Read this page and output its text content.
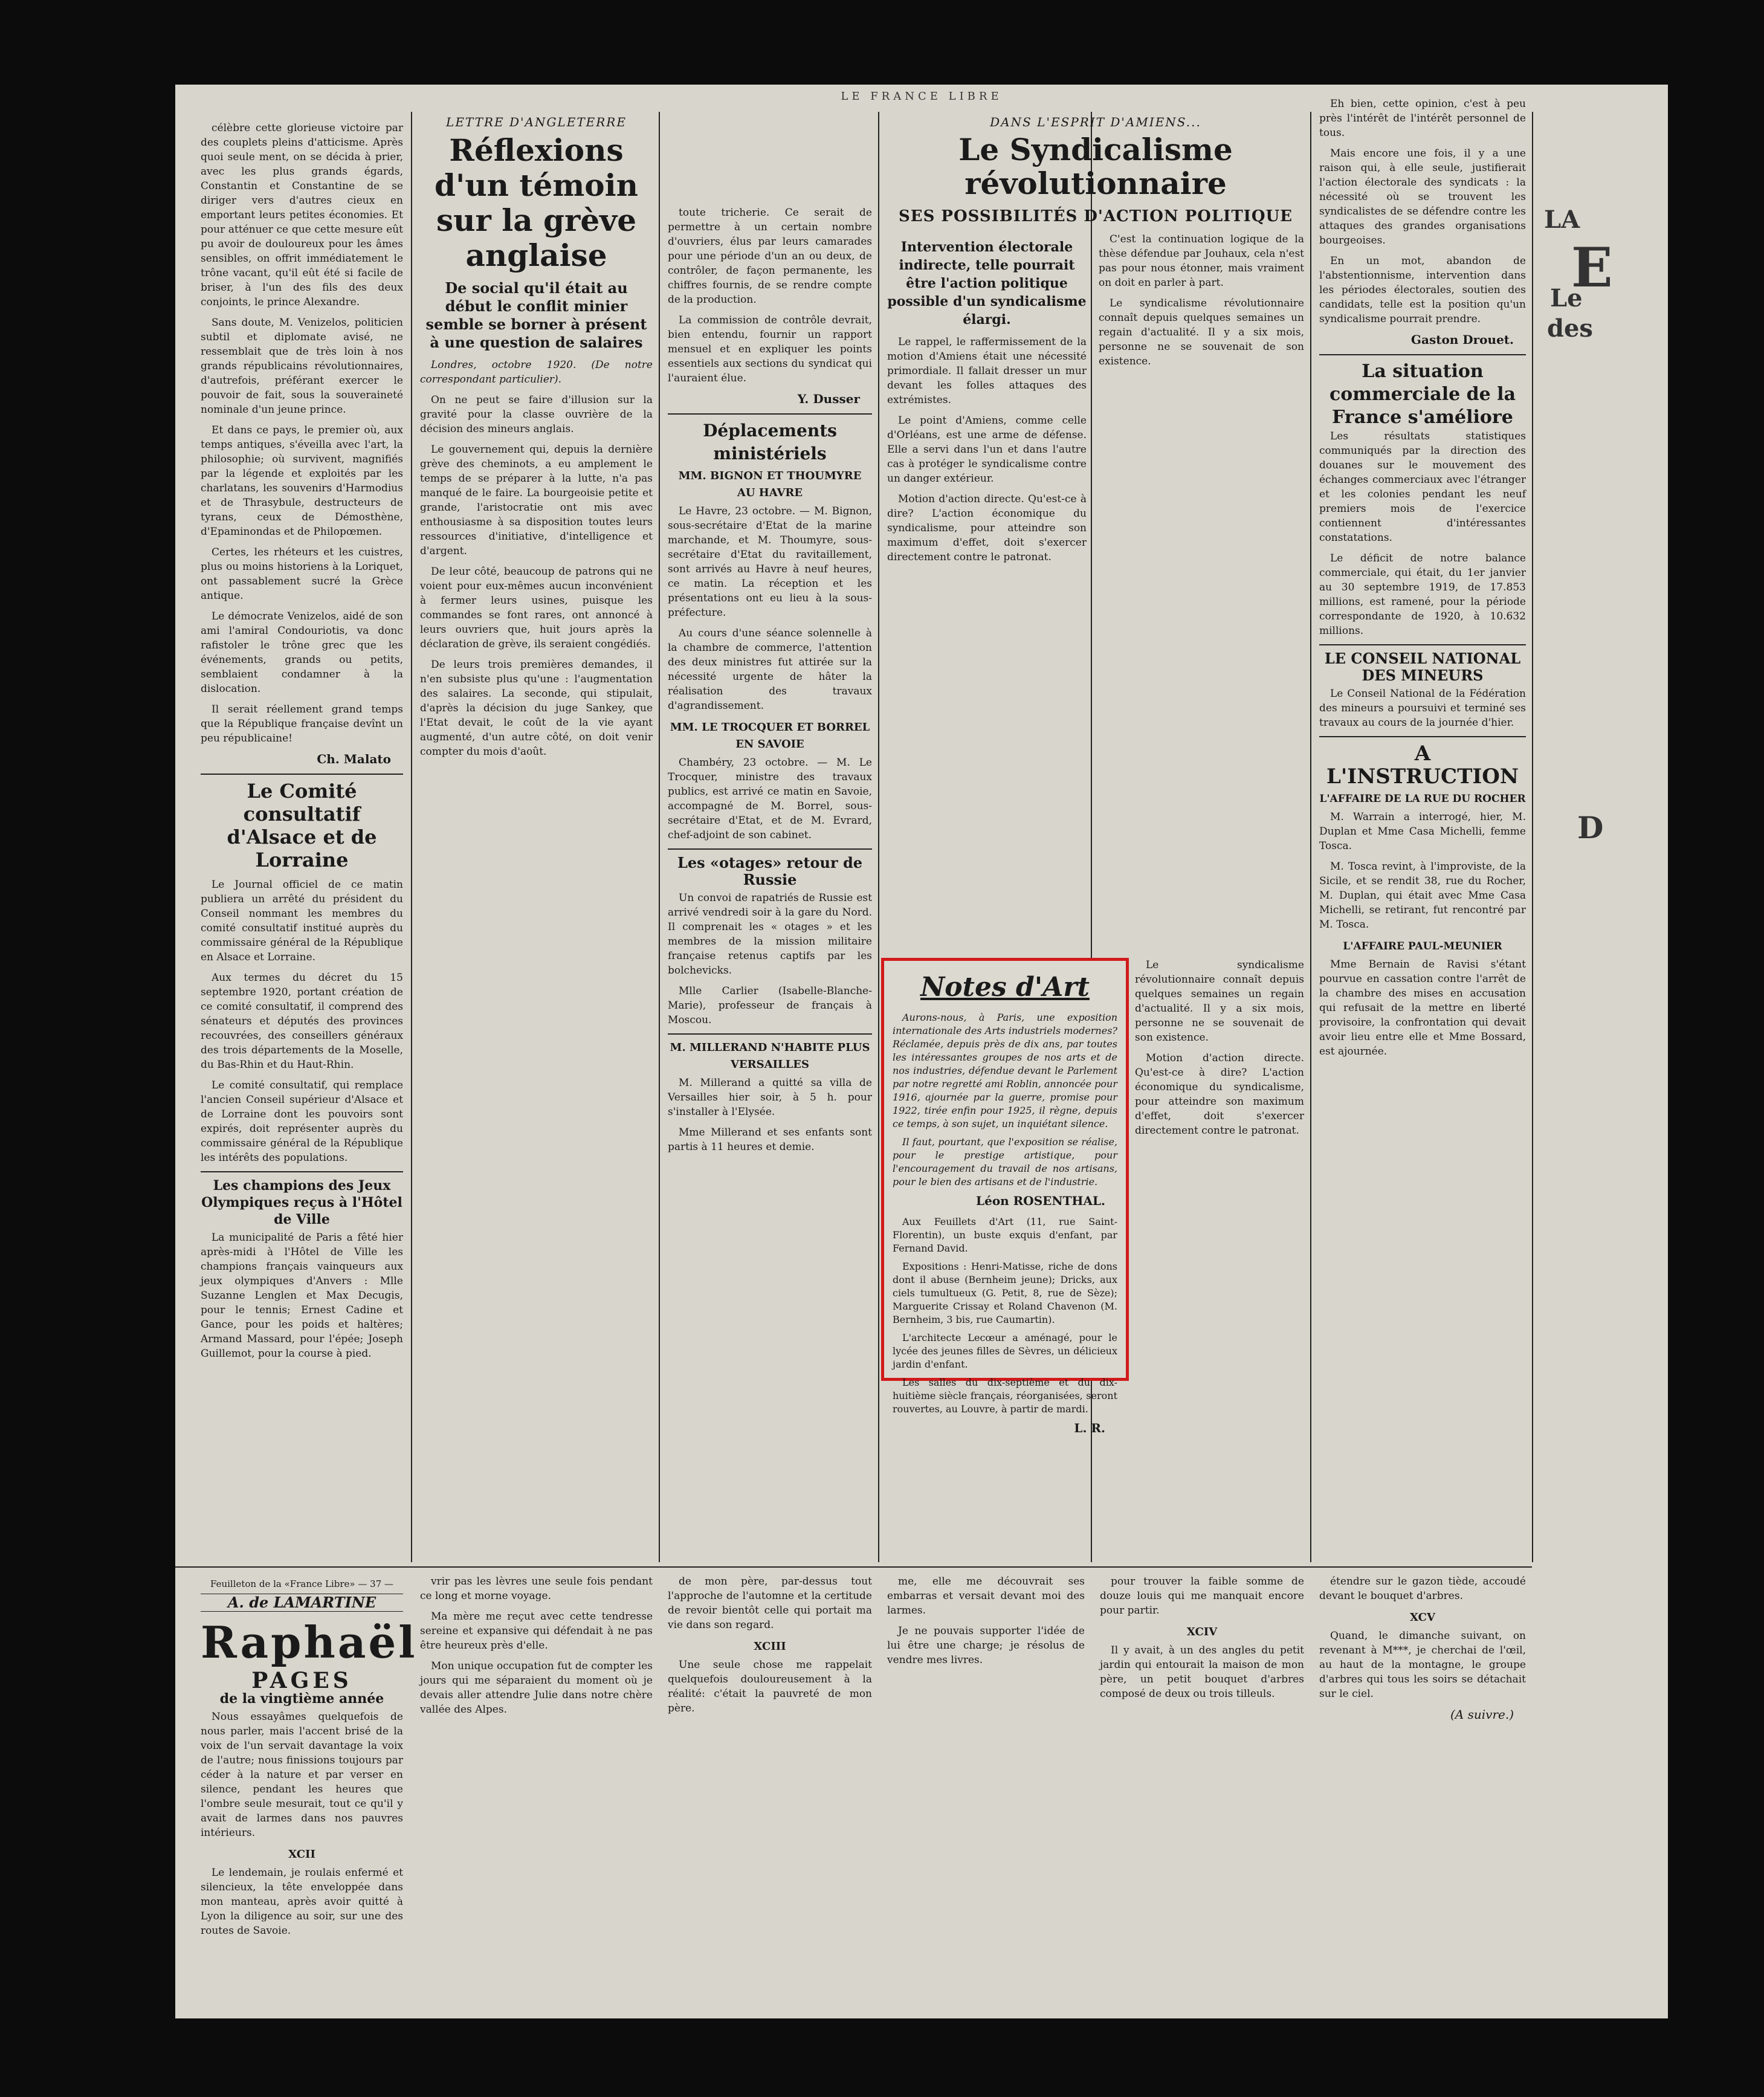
LE FRANCE LIBRE

célèbre cette glorieuse victoire par des couplets pleins d'atticisme. Après quoi seule ment, on se décida à prier, avec les plus grands égards, Constantin et Constantine de se diriger vers d'autres cieux en emportant leurs petites économies. Et pour atténuer ce que cette mesure eût pu avoir de douloureux pour les âmes sensibles, on offrit immédiatement le trône vacant, qu'il eût été si facile de briser, à l'un des fils des deux conjoints, le prince Alexandre.

Sans doute, M. Venizelos, politicien subtil et diplomate avisé, ne ressemblait que de très loin à nos grands républicains révolutionnaires, d'autrefois, préférant exercer le pouvoir de fait, sous la souveraineté nominale d'un jeune prince.

Et dans ce pays, le premier où, aux temps antiques, s'éveilla avec l'art, la philosophie; où survivent, magnifiés par la légende et exploités par les charlatans, les souvenirs d'Harmodius et de Thrasybule, destructeurs de tyrans, ceux de Démosthène, d'Epaminondas et de Philopœmen.

Certes, les rhéteurs et les cuistres, plus ou moins historiens à la Loriquet, ont passablement sucré la Grèce antique.

Le démocrate Venizelos, aidé de son ami l'amiral Condouriotis, va donc rafistoler le trône grec que les événements, grands ou petits, semblaient condamner à la dislocation.

Il serait réellement grand temps que la République française devînt un peu républicaine!

Ch. Malato
Le Comité consultatif d'Alsace et de Lorraine

Le Journal officiel de ce matin publiera un arrêté du président du Conseil nommant les membres du comité consultatif institué auprès du commissaire général de la République en Alsace et Lorraine.

Aux termes du décret du 15 septembre 1920, portant création de ce comité consultatif, il comprend des sénateurs et députés des provinces recouvrées, des conseillers généraux des trois départements de la Moselle, du Bas-Rhin et du Haut-Rhin.

Le comité consultatif, qui remplace l'ancien Conseil supérieur d'Alsace et de Lorraine dont les pouvoirs sont expirés, doit représenter auprès du commissaire général de la République les intérêts des populations.

Les champions des Jeux Olympiques reçus à l'Hôtel de Ville

La municipalité de Paris a fêté hier après-midi à l'Hôtel de Ville les champions français vainqueurs aux jeux olympiques d'Anvers : Mlle Suzanne Lenglen et Max Decugis, pour le tennis; Ernest Cadine et Gance, pour les poids et haltères; Armand Massard, pour l'épée; Joseph Guillemot, pour la course à pied.

LETTRE D'ANGLETERRE
Réflexions d'un témoin sur la grève anglaise
De social qu'il était au début le conflit minier semble se borner à présent à une question de salaires

Londres, octobre 1920. (De notre correspondant particulier).

On ne peut se faire d'illusion sur la gravité pour la classe ouvrière de la décision des mineurs anglais.

Le gouvernement qui, depuis la dernière grève des cheminots, a eu amplement le temps de se préparer à la lutte, n'a pas manqué de le faire. La bourgeoisie petite et grande, l'aristocratie ont mis avec enthousiasme à sa disposition toutes leurs ressources d'initiative, d'intelligence et d'argent.

De leur côté, beaucoup de patrons qui ne voient pour eux-mêmes aucun inconvénient à fermer leurs usines, puisque les commandes se font rares, ont annoncé à leurs ouvriers que, huit jours après la déclaration de grève, ils seraient congédiés.

De leurs trois premières demandes, il n'en subsiste plus qu'une : l'augmentation des salaires. La seconde, qui stipulait, d'après la décision du juge Sankey, que l'Etat devait, le coût de la vie ayant augmenté, d'un autre côté, on doit venir compter du mois d'août.

toute tricherie. Ce serait de permettre à un certain nombre d'ouvriers, élus par leurs camarades pour une période d'un an ou deux, de contrôler, de façon permanente, les chiffres fournis, de se rendre compte de la production.

La commission de contrôle devrait, bien entendu, fournir un rapport mensuel et en expliquer les points essentiels aux sections du syndicat qui l'auraient élue.

Y. Dusser
Déplacements ministériels
MM. BIGNON ET THOUMYRE AU HAVRE

Le Havre, 23 octobre. — M. Bignon, sous-secrétaire d'Etat de la marine marchande, et M. Thoumyre, sous-secrétaire d'Etat du ravitaillement, sont arrivés au Havre à neuf heures, ce matin. La réception et les présentations ont eu lieu à la sous-préfecture.

Au cours d'une séance solennelle à la chambre de commerce, l'attention des deux ministres fut attirée sur la nécessité urgente de hâter la réalisation des travaux d'agrandissement.

MM. LE TROCQUER ET BORREL EN SAVOIE

Chambéry, 23 octobre. — M. Le Trocquer, ministre des travaux publics, est arrivé ce matin en Savoie, accompagné de M. Borrel, sous-secrétaire d'Etat, et de M. Evrard, chef-adjoint de son cabinet.

Les «otages» retour de Russie

Un convoi de rapatriés de Russie est arrivé vendredi soir à la gare du Nord. Il comprenait les « otages » et les membres de la mission militaire française retenus captifs par les bolchevicks.

Mlle Carlier (Isabelle-Blanche-Marie), professeur de français à Moscou.

M. MILLERAND N'HABITE PLUS VERSAILLES

M. Millerand a quitté sa villa de Versailles hier soir, à 5 h. pour s'installer à l'Elysée.

Mme Millerand et ses enfants sont partis à 11 heures et demie.

DANS L'ESPRIT D'AMIENS...
Le Syndicalisme révolutionnaire
SES POSSIBILITÉS D'ACTION POLITIQUE
Intervention électorale indirecte, telle pourrait être l'action politique possible d'un syndicalisme élargi.

Le rappel, le raffermissement de la motion d'Amiens était une nécessité primordiale. Il fallait dresser un mur devant les folles attaques des extrémistes.

Le point d'Amiens, comme celle d'Orléans, est une arme de défense. Elle a servi dans l'un et dans l'autre cas à protéger le syndicalisme contre un danger extérieur.

Motion d'action directe. Qu'est-ce à dire? L'action économique du syndicalisme, pour atteindre son maximum d'effet, doit s'exercer directement contre le patronat.

C'est la continuation logique de la thèse défendue par Jouhaux, cela n'est pas pour nous étonner, mais vraiment on doit en parler à part.

Le syndicalisme révolutionnaire connaît depuis quelques semaines un regain d'actualité. Il y a six mois, personne ne se souvenait de son existence.

Notes d'Art

Aurons-nous, à Paris, une exposition internationale des Arts industriels modernes? Réclamée, depuis près de dix ans, par toutes les intéressantes groupes de nos arts et de nos industries, défendue devant le Parlement par notre regretté ami Roblin, annoncée pour 1916, ajournée par la guerre, promise pour 1922, tirée enfin pour 1925, il règne, depuis ce temps, à son sujet, un inquiétant silence.

Il faut, pourtant, que l'exposition se réalise, pour le prestige artistique, pour l'encouragement du travail de nos artisans, pour le bien des artisans et de l'industrie.

Léon ROSENTHAL.

Aux Feuillets d'Art (11, rue Saint-Florentin), un buste exquis d'enfant, par Fernand David.

Expositions : Henri-Matisse, riche de dons dont il abuse (Bernheim jeune); Dricks, aux ciels tumultueux (G. Petit, 8, rue de Sèze); Marguerite Crissay et Roland Chavenon (M. Bernheim, 3 bis, rue Caumartin).

L'architecte Lecœur a aménagé, pour le lycée des jeunes filles de Sèvres, un délicieux jardin d'enfant.

Les salles du dix-septième et du dix-huitième siècle français, réorganisées, seront rouvertes, au Louvre, à partir de mardi.

L. R.

Le syndicalisme révolutionnaire connaît depuis quelques semaines un regain d'actualité. Il y a six mois, personne ne se souvenait de son existence.

Motion d'action directe. Qu'est-ce à dire? L'action économique du syndicalisme, pour atteindre son maximum d'effet, doit s'exercer directement contre le patronat.

Eh bien, cette opinion, c'est à peu près l'intérêt de l'intérêt personnel de tous.

Mais encore une fois, il y a une raison qui, à elle seule, justifierait l'action électorale des syndicats : la nécessité où se trouvent les syndicalistes de se défendre contre les attaques des grandes organisations bourgeoises.

En un mot, abandon de l'abstentionnisme, intervention dans les périodes électorales, soutien des candidats, telle est la position qu'un syndicalisme pourrait prendre.

Gaston Drouet.
La situation commerciale de la France s'améliore

Les résultats statistiques communiqués par la direction des douanes sur le mouvement des échanges commerciaux avec l'étranger et les colonies pendant les neuf premiers mois de l'exercice contiennent d'intéressantes constatations.

Le déficit de notre balance commerciale, qui était, du 1er janvier au 30 septembre 1919, de 17.853 millions, est ramené, pour la période correspondante de 1920, à 10.632 millions.

LE CONSEIL NATIONAL DES MINEURS

Le Conseil National de la Fédération des mineurs a poursuivi et terminé ses travaux au cours de la journée d'hier.

A L'INSTRUCTION
L'AFFAIRE DE LA RUE DU ROCHER

M. Warrain a interrogé, hier, M. Duplan et Mme Casa Michelli, femme Tosca.

M. Tosca revint, à l'improviste, de la Sicile, et se rendit 38, rue du Rocher, M. Duplan, qui était avec Mme Casa Michelli, se retirant, fut rencontré par M. Tosca.

L'AFFAIRE PAUL-MEUNIER

Mme Bernain de Ravisi s'étant pourvue en cassation contre l'arrêt de la chambre des mises en accusation qui refusait de la mettre en liberté provisoire, la confrontation qui devait avoir lieu entre elle et Mme Bossard, est ajournée.

LA
E
Le
des
D
Feuilleton de la «France Libre» — 37 —
A. de LAMARTINE
Raphaël
PAGES
de la vingtième année

Nous essayâmes quelquefois de nous parler, mais l'accent brisé de la voix de l'un servait davantage la voix de l'autre; nous finissions toujours par céder à la nature et par verser en silence, pendant les heures que l'ombre seule mesurait, tout ce qu'il y avait de larmes dans nos pauvres intérieurs.

XCII

Le lendemain, je roulais enfermé et silencieux, la tête enveloppée dans mon manteau, après avoir quitté à Lyon la diligence au soir, sur une des routes de Savoie.

vrir pas les lèvres une seule fois pendant ce long et morne voyage.

Ma mère me reçut avec cette tendresse sereine et expansive qui défendait à ne pas être heureux près d'elle.

Mon unique occupation fut de compter les jours qui me séparaient du moment où je devais aller attendre Julie dans notre chère vallée des Alpes.

de mon père, par-dessus tout l'approche de l'automne et la certitude de revoir bientôt celle qui portait ma vie dans son regard.

XCIII

Une seule chose me rappelait quelquefois douloureusement à la réalité: c'était la pauvreté de mon père.

me, elle me découvrait ses embarras et versait devant moi des larmes.

Je ne pouvais supporter l'idée de lui être une charge; je résolus de vendre mes livres.

pour trouver la faible somme de douze louis qui me manquait encore pour partir.

XCIV

Il y avait, à un des angles du petit jardin qui entourait la maison de mon père, un petit bouquet d'arbres composé de deux ou trois tilleuls.

étendre sur le gazon tiède, accoudé devant le bouquet d'arbres.

XCV

Quand, le dimanche suivant, on revenant à M***, je cherchai de l'œil, au haut de la montagne, le groupe d'arbres qui tous les soirs se détachait sur le ciel.

(A suivre.)
